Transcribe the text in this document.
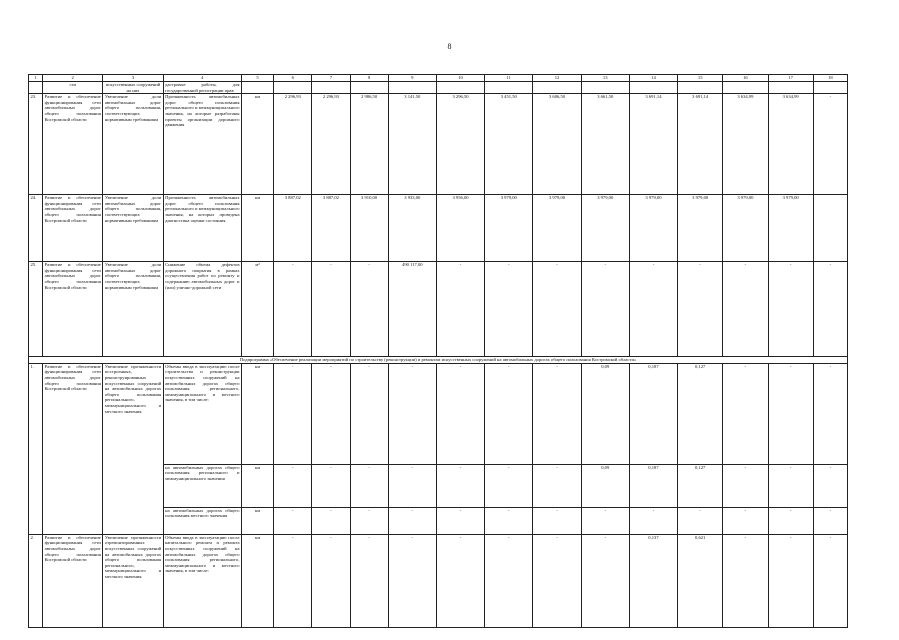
8
1	2	3	4	5	6	7	8	9	10	11	12	13	14	15	16	17	18
	сти	искусственных сооружений на них	дастровые работы, для государственной регистрации прав														
23.	Развитие и обеспечение функционирования сети автомобильных дорог общего пользования Костромской области	Увеличение доли автомобильных дорог общего пользования, соответствующих нормативным требованиям	Протяженность автомобильных дорог общего пользования регионального и межмуниципального значения, на которые разработаны проекты организации дорожного движения	км	2 296,93	2 296,93	2 986,50	3 141,50	3 296,50	3 451,50	3 606,50	3 661,50	3 691,14	3 691,14	3 634,99	3 634,99	-
24.	Развитие и обеспечение функционирования сети автомобильных дорог общего пользования Костромской области	Увеличение доли автомобильных дорог общего пользования, соответствующих нормативным требованиям	Протяженность автомобильных дорог общего пользования регионального и межмуниципального значения, на которых проведена диагностика оценки состояния	км	3 887,02	3 887,02	3 910,00	3 933,00	3 956,00	3 979,00	3 979,00	3 979,00	3 979,00	3 979,00	3 979,00	3 979,00	
25.	Развитие и обеспечение функционирования сети автомобильных дорог общего пользования Костромской области	Увеличение доли автомобильных дорог общего пользования, соответствующих нормативным требованиям	Снижение объема дефектов дорожного покрытия в рамках осуществления работ по ремонту и содержанию автомобильных дорог и (или) улично-дорожной сети	м²	-	-	-	490 117,00	-	-	-	-	-	-	-	-	-
Подпрограмма «Обеспечение реализации мероприятий по строительству (реконструкции) и ремонтам искусственных сооружений на автомобильных дорогах общего пользования Костромской области»																	
1.	Развитие и обеспечение функционирования сети автомобильных дорог общего пользования Костромской области	Увеличение протяженности построенных, реконструированных искусственных сооружений на автомобильных дорогах общего пользования регионального, межмуниципального и местного значения	Объемы ввода в эксплуатацию после строительства и реконструкции искусственных сооружений на автомобильных дорогах общего пользования регионального, межмуниципального и местного значения, в том числе:	км	-	-	-	-	-	-	-	0,09	0,187	0,127	-	-	-
			на автомобильных дорогах общего пользования регионального и межмуниципального значения	км	-	-	-	-	-	-	-	0,09	0,187	0,127	-	-	-
			на автомобильных дорогах общего пользования местного значения	км	-	-	-	-	-	-	-	-	-	-	-	-	-
2.	Развитие и обеспечение функционирования сети автомобильных дорог общего пользования Костромской области	Увеличение протяженности отремонтированных искусственных сооружений на автомобильных дорогах общего пользования регионального, межмуниципального и местного значения	Объемы ввода в эксплуатацию после капитального ремонта и ремонта искусственных сооружений на автомобильных дорогах общего пользования регионального, межмуниципального и местного значения, в том числе:	км	-	-	-	-	-	-	-	-	0,137	0,621	-	-	-
